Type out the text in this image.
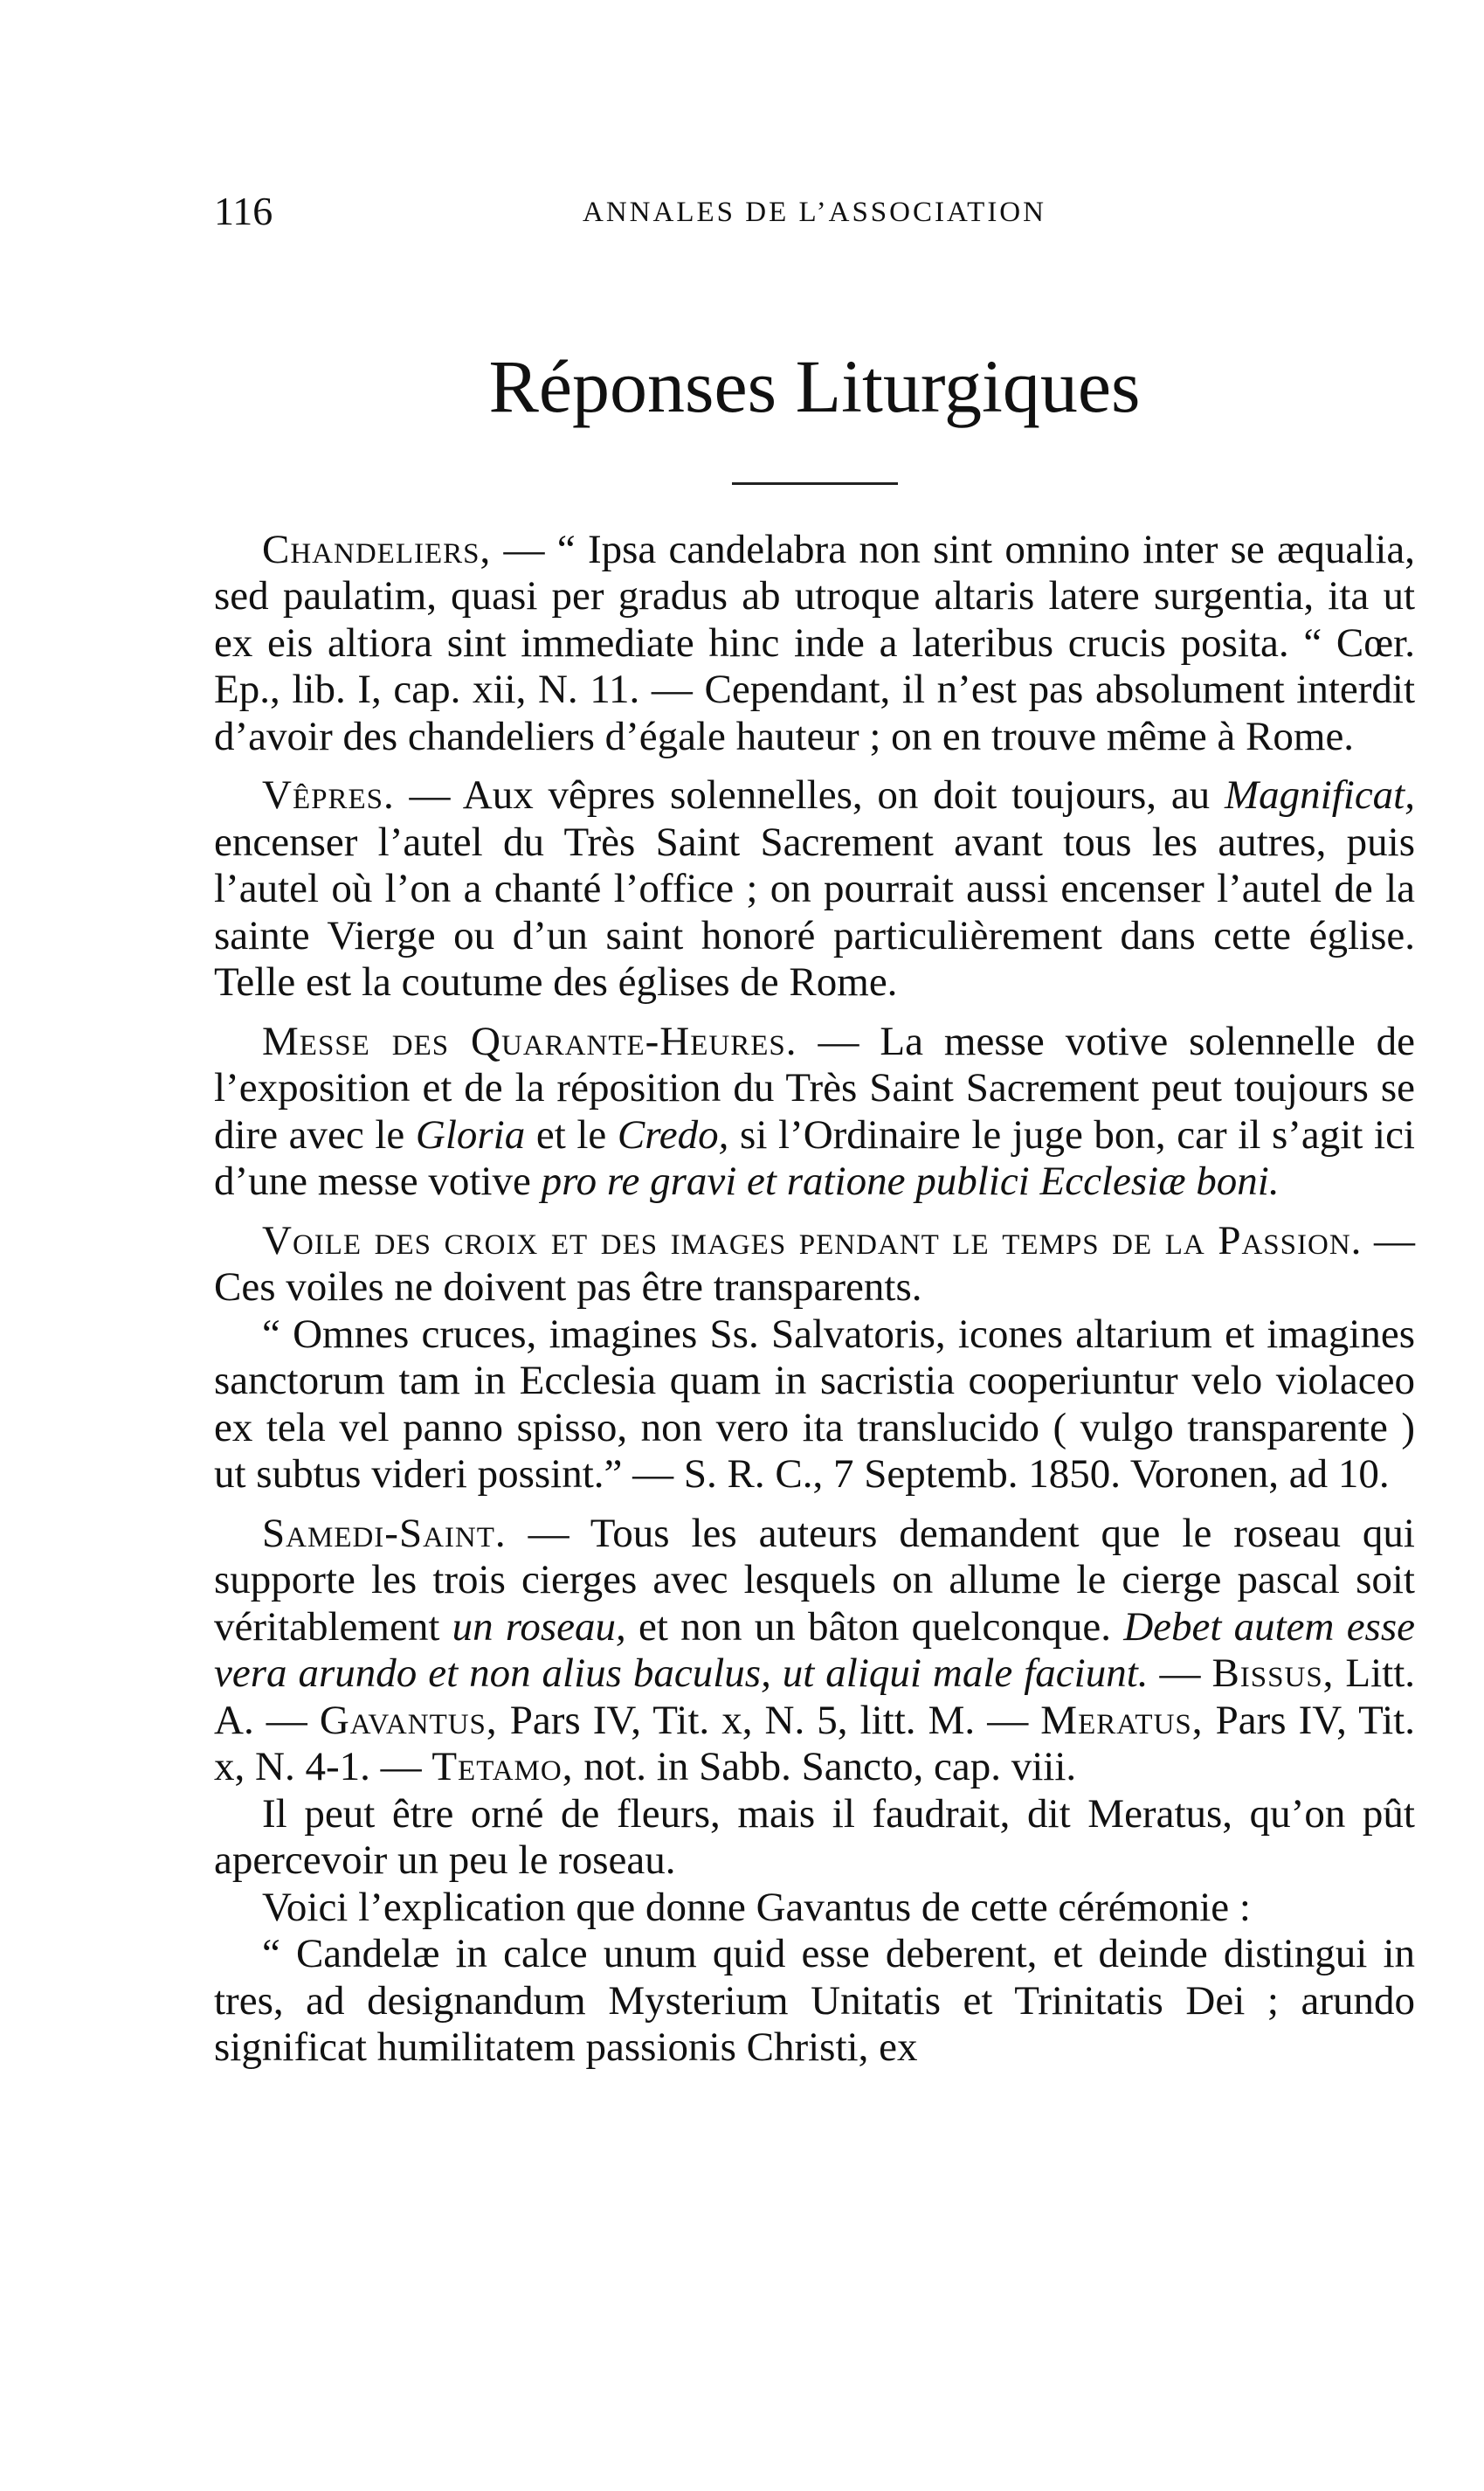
116	ANNALES DE L’ASSOCIATION
Réponses Liturgiques

Chandeliers, — “ Ipsa candelabra non sint omnino inter se æqualia, sed paulatim, quasi per gradus ab utroque altaris latere surgentia, ita ut ex eis altiora sint immediate hinc inde a lateribus crucis posita. “ Cœr. Ep., lib. I, cap. xii, N. 11. — Cependant, il n’est pas absolument interdit d’avoir des chandeliers d’égale hauteur ; on en trouve même à Rome.

Vêpres. — Aux vêpres solennelles, on doit toujours, au Magnificat, encenser l’autel du Très Saint Sacrement avant tous les autres, puis l’autel où l’on a chanté l’office ; on pourrait aussi encenser l’autel de la sainte Vierge ou d’un saint honoré particulièrement dans cette église. Telle est la coutume des églises de Rome.

Messe des Quarante-Heures. — La messe votive solennelle de l’exposition et de la réposition du Très Saint Sacrement peut toujours se dire avec le Gloria et le Credo, si l’Ordinaire le juge bon, car il s’agit ici d’une messe votive pro re gravi et ratione publici Ecclesiæ boni.

Voile des croix et des images pendant le temps de la Passion. — Ces voiles ne doivent pas être transparents.

“ Omnes cruces, imagines Ss. Salvatoris, icones altarium et imagines sanctorum tam in Ecclesia quam in sacristia cooperiuntur velo violaceo ex tela vel panno spisso, non vero ita translucido ( vulgo transparente ) ut subtus videri possint.” — S. R. C., 7 Septemb. 1850. Voronen, ad 10.

Samedi-Saint. — Tous les auteurs demandent que le roseau qui supporte les trois cierges avec lesquels on allume le cierge pascal soit véritablement un roseau, et non un bâton quelconque. Debet autem esse vera arundo et non alius baculus, ut aliqui male faciunt. — Bissus, Litt. A. — Gavantus, Pars IV, Tit. x, N. 5, litt. M. — Meratus, Pars IV, Tit. x, N. 4-1. — Tetamo, not. in Sabb. Sancto, cap. viii.

Il peut être orné de fleurs, mais il faudrait, dit Meratus, qu’on pût apercevoir un peu le roseau.

Voici l’explication que donne Gavantus de cette cérémonie :

“ Candelæ in calce unum quid esse deberent, et deinde distingui in tres, ad designandum Mysterium Unitatis et Trinitatis Dei ; arundo significat humilitatem passionis Christi, ex
